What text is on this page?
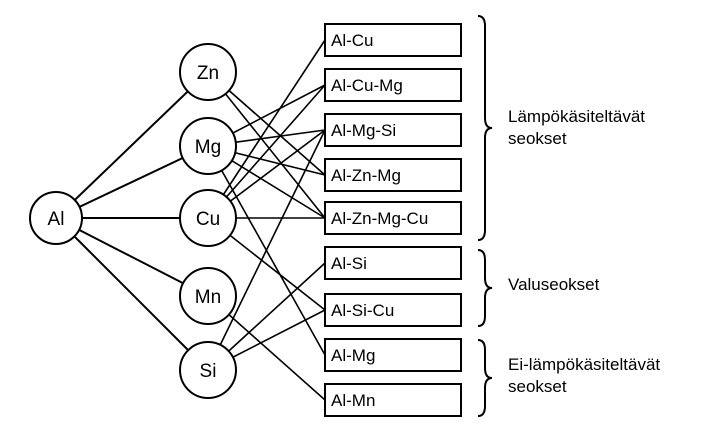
Al
Zn
Mg
Cu
Mn
Si
Al-Cu
Al-Cu-Mg
Al-Mg-Si
Al-Zn-Mg
Al-Zn-Mg-Cu
Al-Si
Al-Si-Cu
Al-Mg
Al-Mn
Lämpökäsiteltävät seokset
Valuseokset
Ei-lämpökäsiteltävät seokset
